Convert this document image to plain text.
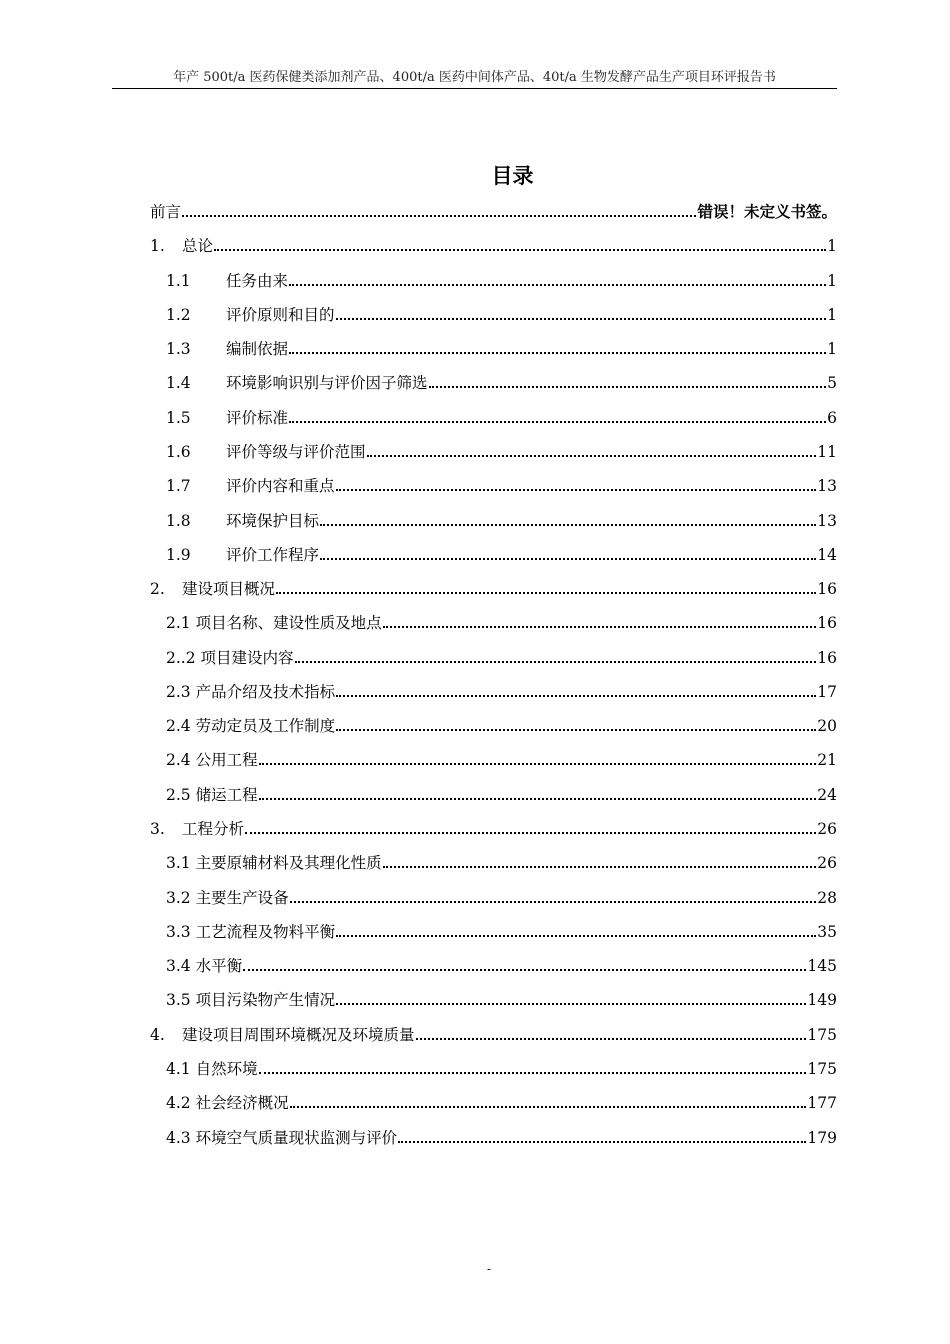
年产 500t/a 医药保健类添加剂产品、400t/a 医药中间体产品、40t/a 生物发酵产品生产项目环评报告书
目录
前言	错误！未定义书签。
1.	总论	1
1.1	任务由来	1
1.2	评价原则和目的	1
1.3	编制依据	1
1.4	环境影响识别与评价因子筛选	5
1.5	评价标准	6
1.6	评价等级与评价范围	11
1.7	评价内容和重点	13
1.8	环境保护目标	13
1.9	评价工作程序	14
2.	建设项目概况	16
2.1 项目名称、建设性质及地点	16
2..2 项目建设内容	16
2.3 产品介绍及技术指标	17
2.4 劳动定员及工作制度	20
2.4 公用工程	21
2.5 储运工程	24
3.	工程分析	26
3.1 主要原辅材料及其理化性质	26
3.2 主要生产设备	28
3.3 工艺流程及物料平衡	35
3.4 水平衡	145
3.5 项目污染物产生情况	149
4.	建设项目周围环境概况及环境质量	175
4.1 自然环境	175
4.2 社会经济概况	177
4.3 环境空气质量现状监测与评价	179
-
